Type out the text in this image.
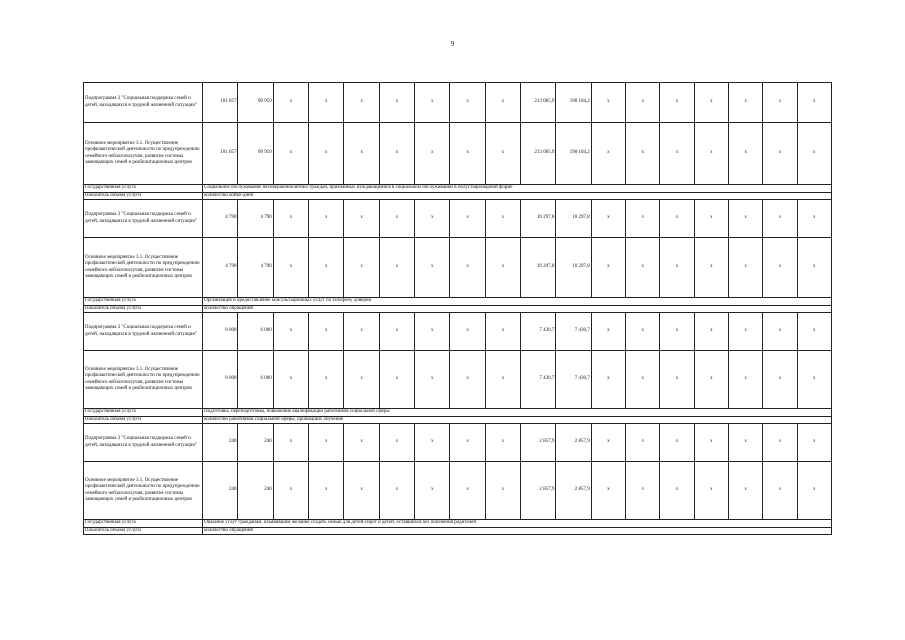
9
Подпрограмма 3 "Социальная поддержка семей и детей, находящихся в трудной жизненной ситуации"	101 657	90 959	x	x	x	x	x	x	x	213 085,9	190 104,2	x	x	x	x	x	x	x
Основное мероприятие 3.1. Осуществление профилактической деятельности по предупреждению семейного неблагополучия, развитие системы замещающих семей и реабилитационных центров	101 657	90 959	x	x	x	x	x	x	x	213 085,9	190 104,2	x	x	x	x	x	x	x
Государственная услуга	Социальное обслуживание несовершеннолетних граждан, признанных нуждающимися в социальном обслуживании в полустационарной форме																	
Показатель объема услуги	количество койко-дней																	
Подпрограмма 3 "Социальная поддержка семей и детей, находящихся в трудной жизненной ситуации"	4 790	4 790	x	x	x	x	x	x	x	10 297,8	10 297,8	x	x	x	x	x	x	x
Основное мероприятие 3.1. Осуществление профилактической деятельности по предупреждению семейного неблагополучия, развитие системы замещающих семей и реабилитационных центров	4 790	4 790	x	x	x	x	x	x	x	10 297,8	10 297,8	x	x	x	x	x	x	x
Государственная услуга	Организация и предоставление консультационных услуг по телефону доверия																	
Показатель объема услуги	количество обращений																	
Подпрограмма 3 "Социальная поддержка семей и детей, находящихся в трудной жизненной ситуации"	6 000	6 000	x	x	x	x	x	x	x	7 430,7	7 430,7	x	x	x	x	x	x	x
Основное мероприятие 3.1. Осуществление профилактической деятельности по предупреждению семейного неблагополучия, развитие системы замещающих семей и реабилитационных центров	6 000	6 000	x	x	x	x	x	x	x	7 430,7	7 430,7	x	x	x	x	x	x	x
Государственная услуга	Подготовка, переподготовка, повышение квалификации работников социальной сферы																	
Показатель объема услуги	количество работников социальной сферы, прошедших обучение																	
Подпрограмма 3 "Социальная поддержка семей и детей, находящихся в трудной жизненной ситуации"	240	240	x	x	x	x	x	x	x	2 857,9	2 857,9	x	x	x	x	x	x	x
Основное мероприятие 3.1. Осуществление профилактической деятельности по предупреждению семейного неблагополучия, развитие системы замещающих семей и реабилитационных центров	240	240	x	x	x	x	x	x	x	2 857,9	2 857,9	x	x	x	x	x	x	x
Государственная услуга	Оказание услуг гражданам, изъявившим желание создать семью для детей-сирот и детей, оставшихся без попечения родителей																	
Показатель объема услуги	количество обращений																	
